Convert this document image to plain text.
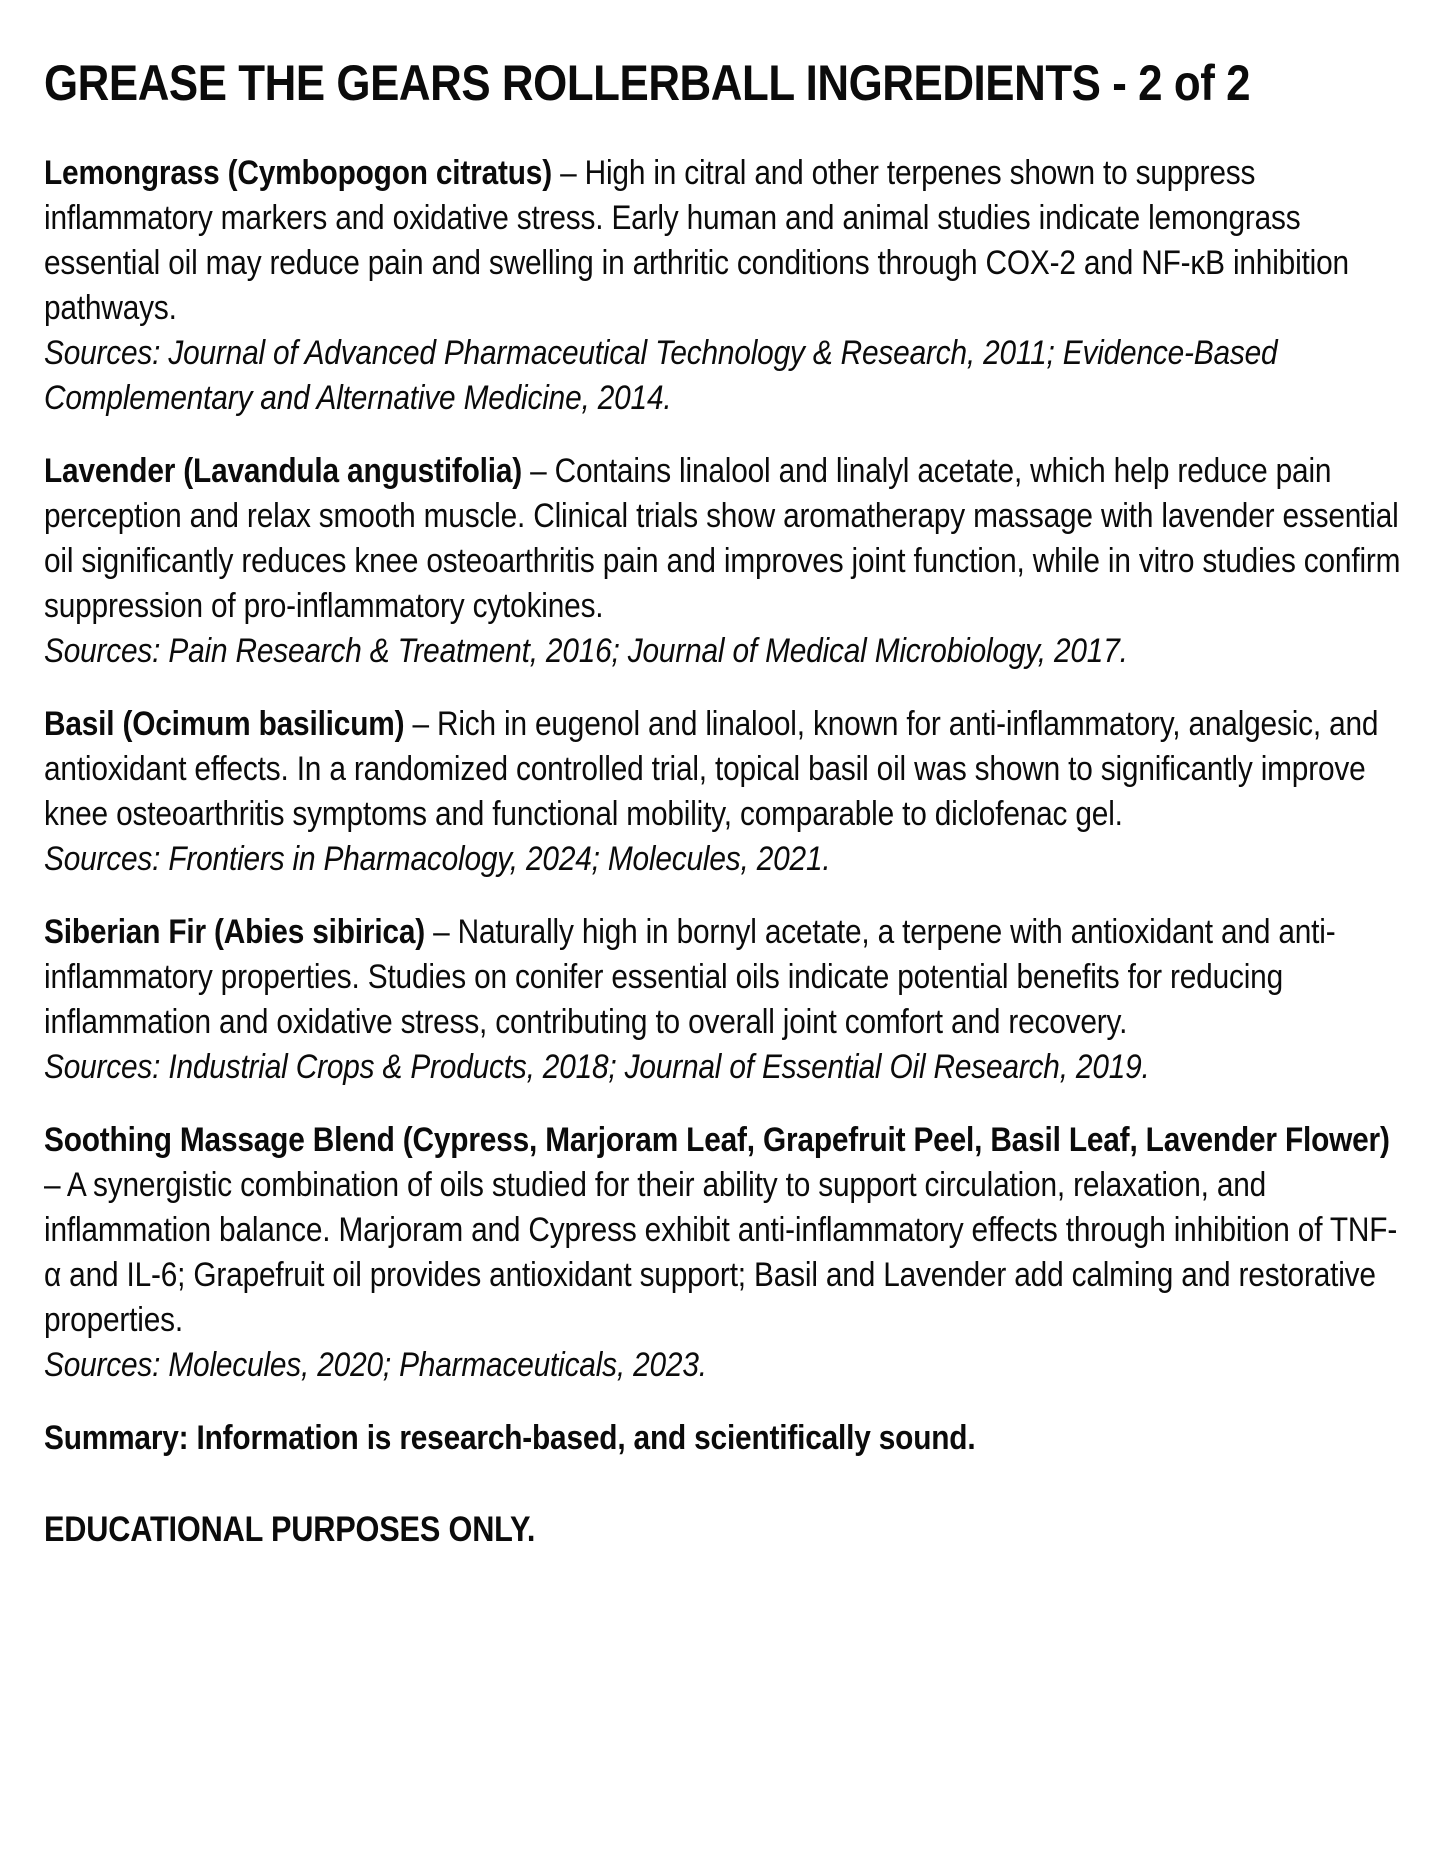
GREASE THE GEARS ROLLERBALL INGREDIENTS - 2 of 2

Lemongrass (Cymbopogon citratus) – High in citral and other terpenes shown to suppress inflammatory markers and oxidative stress. Early human and animal studies indicate lemongrass essential oil may reduce pain and swelling in arthritic conditions through COX-2 and NF-κB inhibition pathways.

Sources: Journal of Advanced Pharmaceutical Technology & Research, 2011; Evidence-Based Complementary and Alternative Medicine, 2014.

Lavender (Lavandula angustifolia) – Contains linalool and linalyl acetate, which help reduce pain perception and relax smooth muscle. Clinical trials show aromatherapy massage with lavender essential oil significantly reduces knee osteoarthritis pain and improves joint function, while in vitro studies confirm suppression of pro-inflammatory cytokines.

Sources: Pain Research & Treatment, 2016; Journal of Medical Microbiology, 2017.

Basil (Ocimum basilicum) – Rich in eugenol and linalool, known for anti-inflammatory, analgesic, and antioxidant effects. In a randomized controlled trial, topical basil oil was shown to significantly improve knee osteoarthritis symptoms and functional mobility, comparable to diclofenac gel.

Sources: Frontiers in Pharmacology, 2024; Molecules, 2021.

Siberian Fir (Abies sibirica) – Naturally high in bornyl acetate, a terpene with antioxidant and anti-inflammatory properties. Studies on conifer essential oils indicate potential benefits for reducing inflammation and oxidative stress, contributing to overall joint comfort and recovery.

Sources: Industrial Crops & Products, 2018; Journal of Essential Oil Research, 2019.

Soothing Massage Blend (Cypress, Marjoram Leaf, Grapefruit Peel, Basil Leaf, Lavender Flower) – A synergistic combination of oils studied for their ability to support circulation, relaxation, and inflammation balance. Marjoram and Cypress exhibit anti-inflammatory effects through inhibition of TNF-α and IL-6; Grapefruit oil provides antioxidant support; Basil and Lavender add calming and restorative properties.

Sources: Molecules, 2020; Pharmaceuticals, 2023.

Summary: Information is research-based, and scientifically sound.

EDUCATIONAL PURPOSES ONLY.
